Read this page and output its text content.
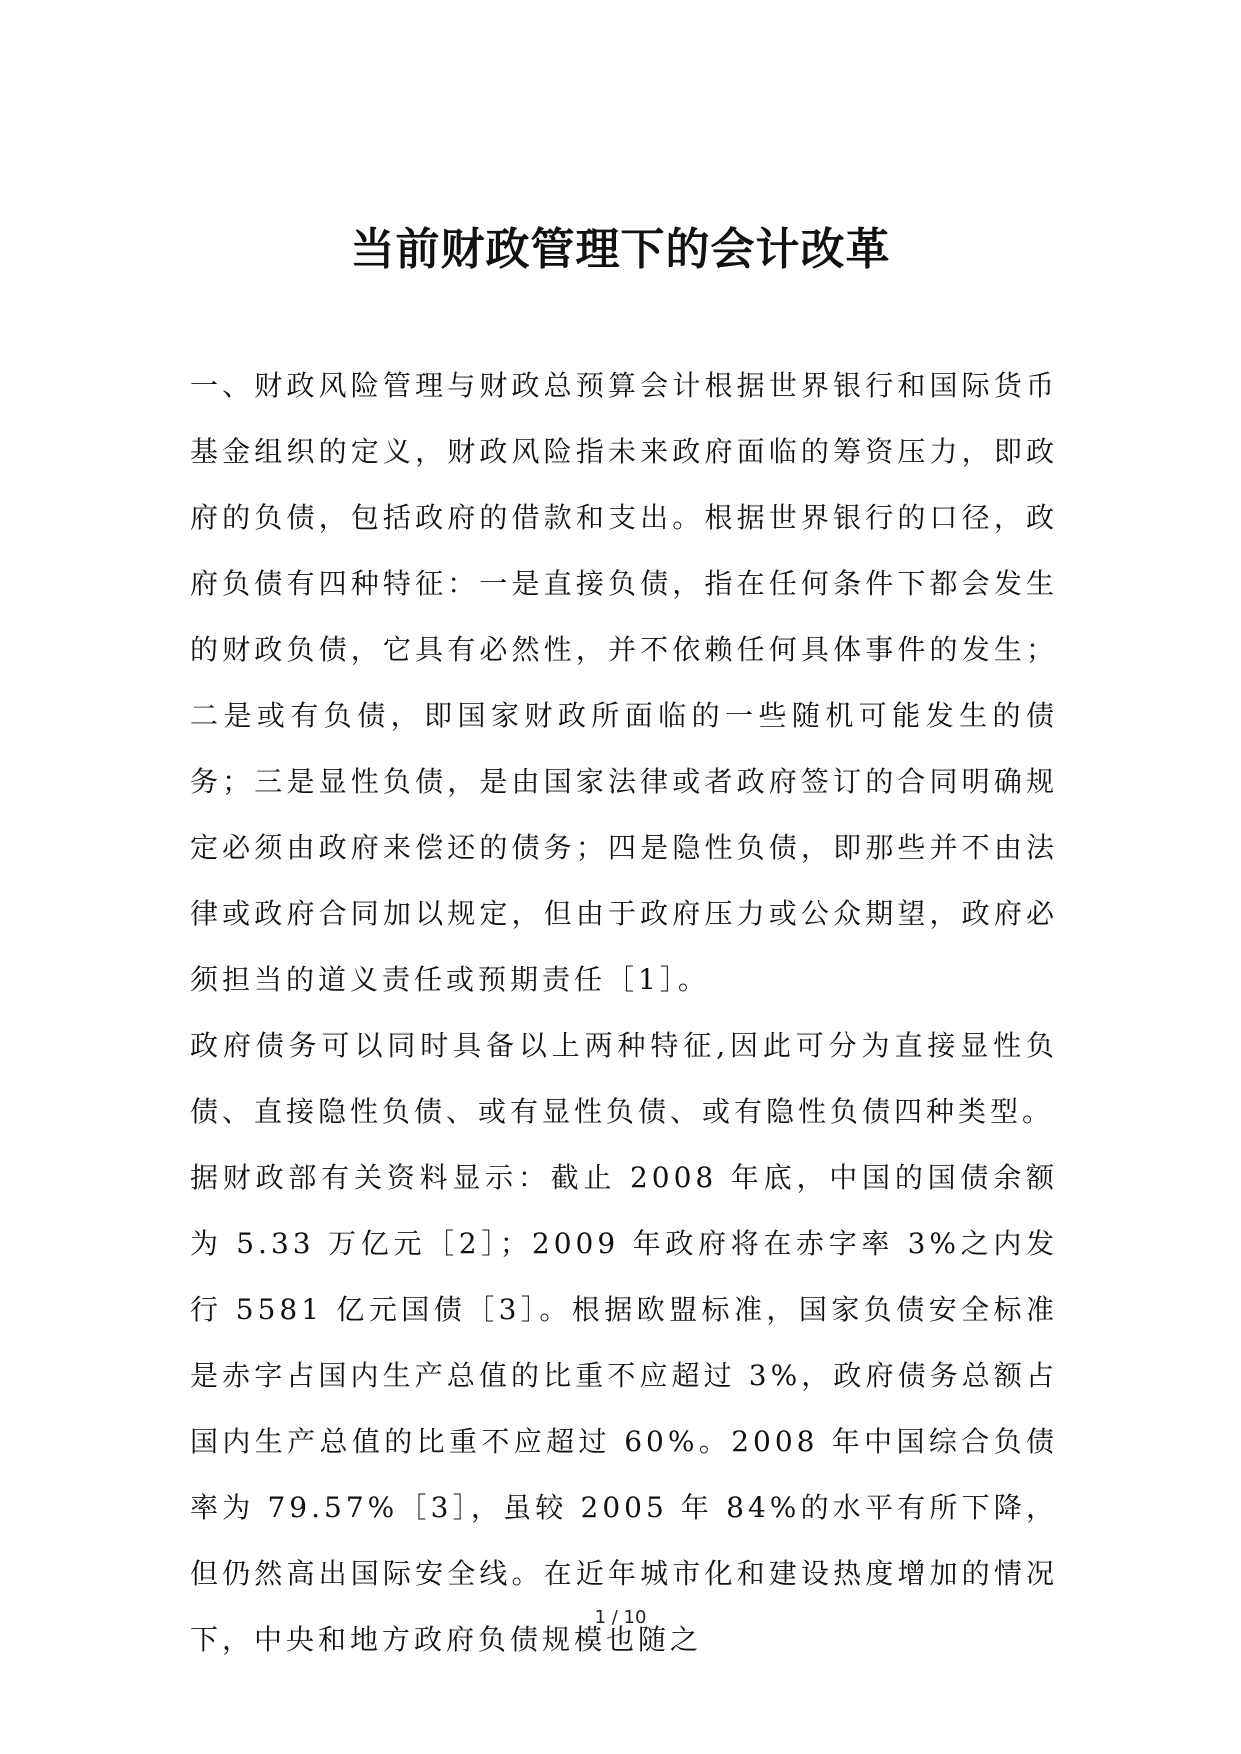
当前财政管理下的会计改革

一、财政风险管理与财政总预算会计根据世界银行和国际货币基金组织的定义，财政风险指未来政府面临的筹资压力，即政府的负债，包括政府的借款和支出。根据世界银行的口径，政府负债有四种特征：一是直接负债，指在任何条件下都会发生的财政负债，它具有必然性，并不依赖任何具体事件的发生；二是或有负债，即国家财政所面临的一些随机可能发生的债务；三是显性负债，是由国家法律或者政府签订的合同明确规定必须由政府来偿还的债务；四是隐性负债，即那些并不由法律或政府合同加以规定，但由于政府压力或公众期望，政府必须担当的道义责任或预期责任［1］。

政府债务可以同时具备以上两种特征,因此可分为直接显性负债、直接隐性负债、或有显性负债、或有隐性负债四种类型。

据财政部有关资料显示：截止 2008 年底，中国的国债余额为 5.33 万亿元［2］；2009 年政府将在赤字率 3%之内发行 5581 亿元国债［3］。根据欧盟标准，国家负债安全标准是赤字占国内生产总值的比重不应超过 3%，政府债务总额占国内生产总值的比重不应超过 60%。2008 年中国综合负债率为 79.57%［3］，虽较 2005 年 84%的水平有所下降，但仍然高出国际安全线。在近年城市化和建设热度增加的情况下，中央和地方政府负债规模也随之

1 / 10
